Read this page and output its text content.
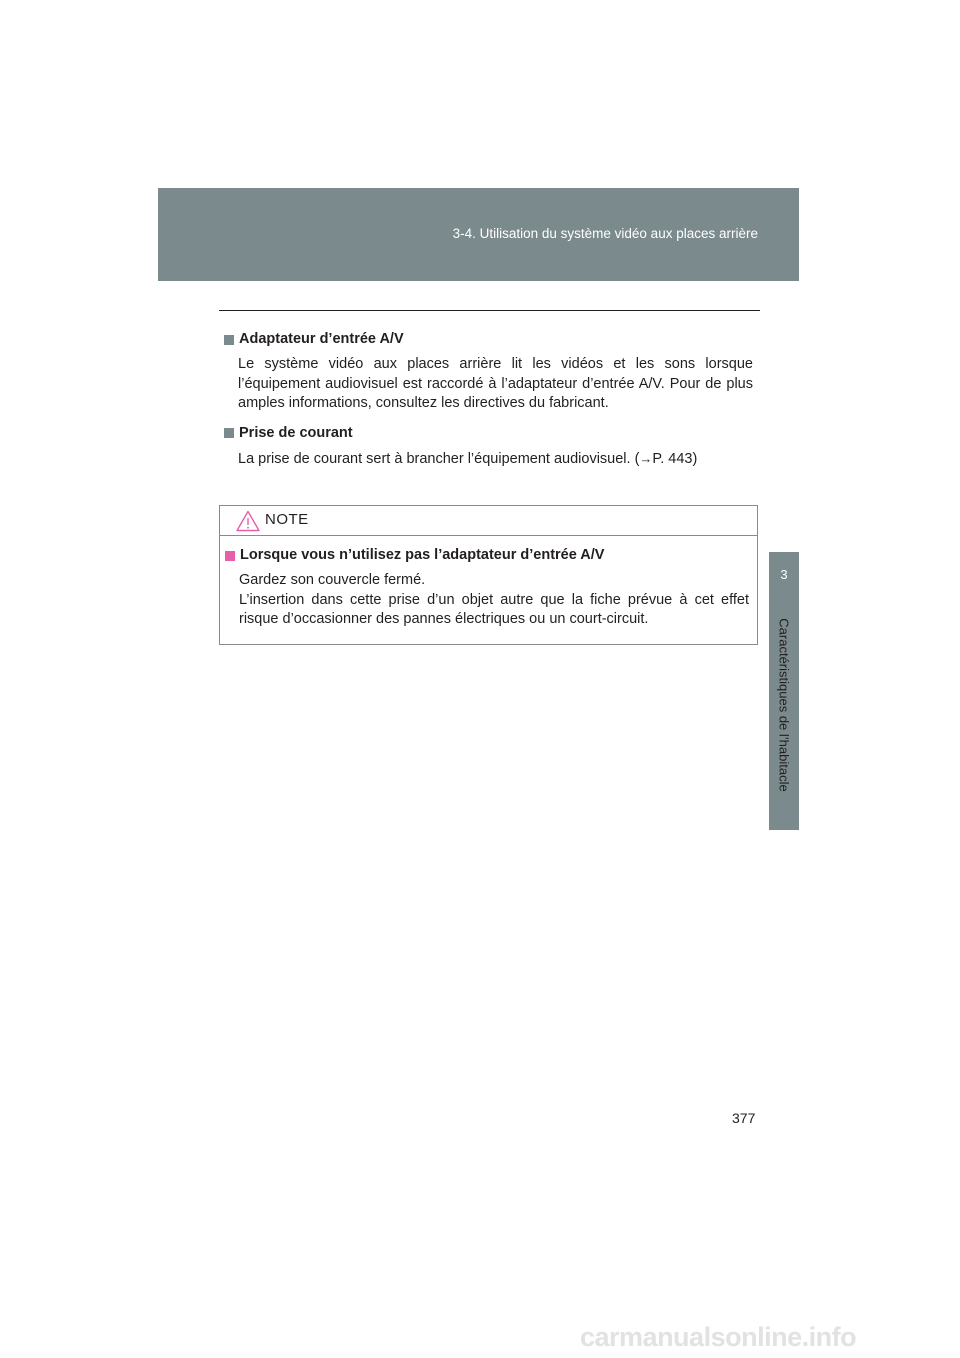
3-4. Utilisation du système vidéo aux places arrière
3
Caractéristiques de l’habitacle
Adaptateur d’entrée A/V
Le système vidéo aux places arrière lit les vidéos et les sons lorsque l’équipement audiovisuel est raccordé à l’adaptateur d’entrée A/V. Pour de plus amples informations, consultez les directives du fabricant.
Prise de courant
La prise de courant sert à brancher l’équipement audiovisuel. (→P. 443)
NOTE
Lorsque vous n’utilisez pas l’adaptateur d’entrée A/V
Gardez son couvercle fermé.
L’insertion dans cette prise d’un objet autre que la fiche prévue à cet effet risque d’occasionner des pannes électriques ou un court-circuit.
377
carmanualsonline.info
